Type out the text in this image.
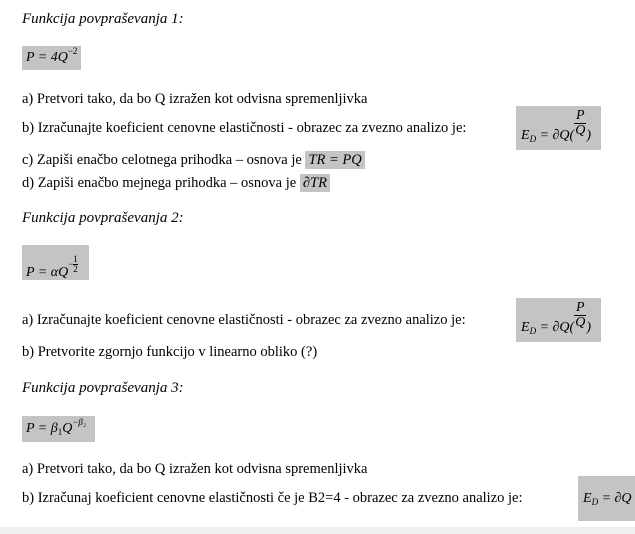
Funkcija povpraševanja 1:
$P = 4Q^{-2}$
a) Pretvori tako, da bo Q izražen kot odvisna spremenljivka
b) Izračunajte koeficient cenovne elastičnosti - obrazec za zvezno analizo je:	$E_D = \partial Q( \frac{P}{Q}$ )
c) Zapiši enačbo celotnega prihodka – osnova je TR = PQ
d) Zapiši enačbo mejnega prihodka – osnova je ∂TR
Funkcija povpraševanja 2:
$P = \alpha Q- \frac{1}{2}$
a) Izračunajte koeficient cenovne elastičnosti - obrazec za zvezno analizo je:	$E_D = \partial Q( \frac{P}{Q}$ )
b) Pretvorite zgornjo funkcijo v linearno obliko (?)
Funkcija povpraševanja 3:
$P = \beta_1Q^{-\beta_2}$
a) Pretvori tako, da bo Q izražen kot odvisna spremenljivka
b) Izračunaj koeficient cenovne elastičnosti če je B2=4 - obrazec za zvezno analizo je:	$E_D = \partial Q$
